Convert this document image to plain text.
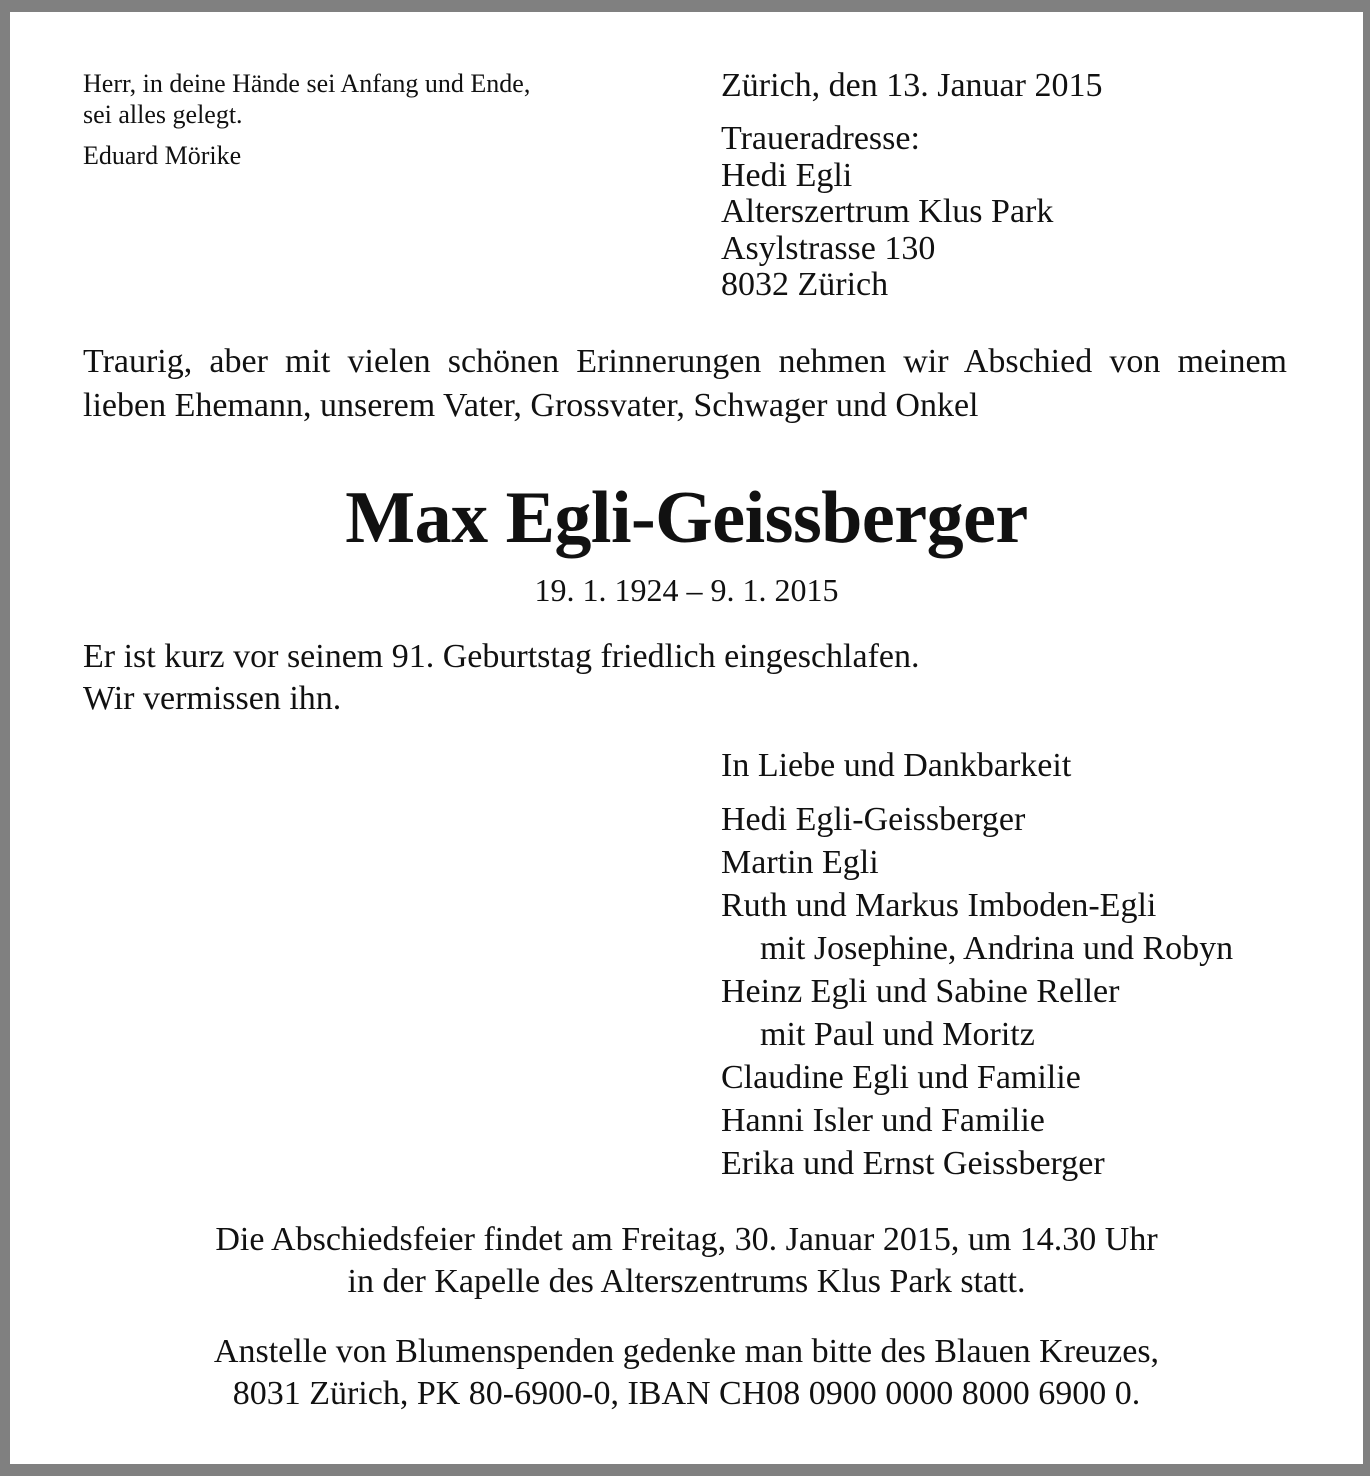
Herr, in deine Hände sei Anfang und Ende,
sei alles gelegt.
Eduard Mörike
Zürich, den 13. Januar 2015
Traueradresse:
Hedi Egli
Alterszertrum Klus Park
Asylstrasse 130
8032 Zürich

Traurig, aber mit vielen schönen Erinnerungen nehmen wir Abschied von meinem lieben Ehemann, unserem Vater, Grossvater, Schwager und Onkel

Max Egli-Geissberger
19. 1. 1924 – 9. 1. 2015
Er ist kurz vor seinem 91. Geburtstag friedlich eingeschlafen.
Wir vermissen ihn.
In Liebe und Dankbarkeit
Hedi Egli-Geissberger
Martin Egli
Ruth und Markus Imboden-Egli
mit Josephine, Andrina und Robyn
Heinz Egli und Sabine Reller
mit Paul und Moritz
Claudine Egli und Familie
Hanni Isler und Familie
Erika und Ernst Geissberger
Die Abschiedsfeier findet am Freitag, 30. Januar 2015, um 14.30 Uhr
in der Kapelle des Alterszentrums Klus Park statt.
Anstelle von Blumenspenden gedenke man bitte des Blauen Kreuzes,
8031 Zürich, PK 80-6900-0, IBAN CH08 0900 0000 8000 6900 0.
